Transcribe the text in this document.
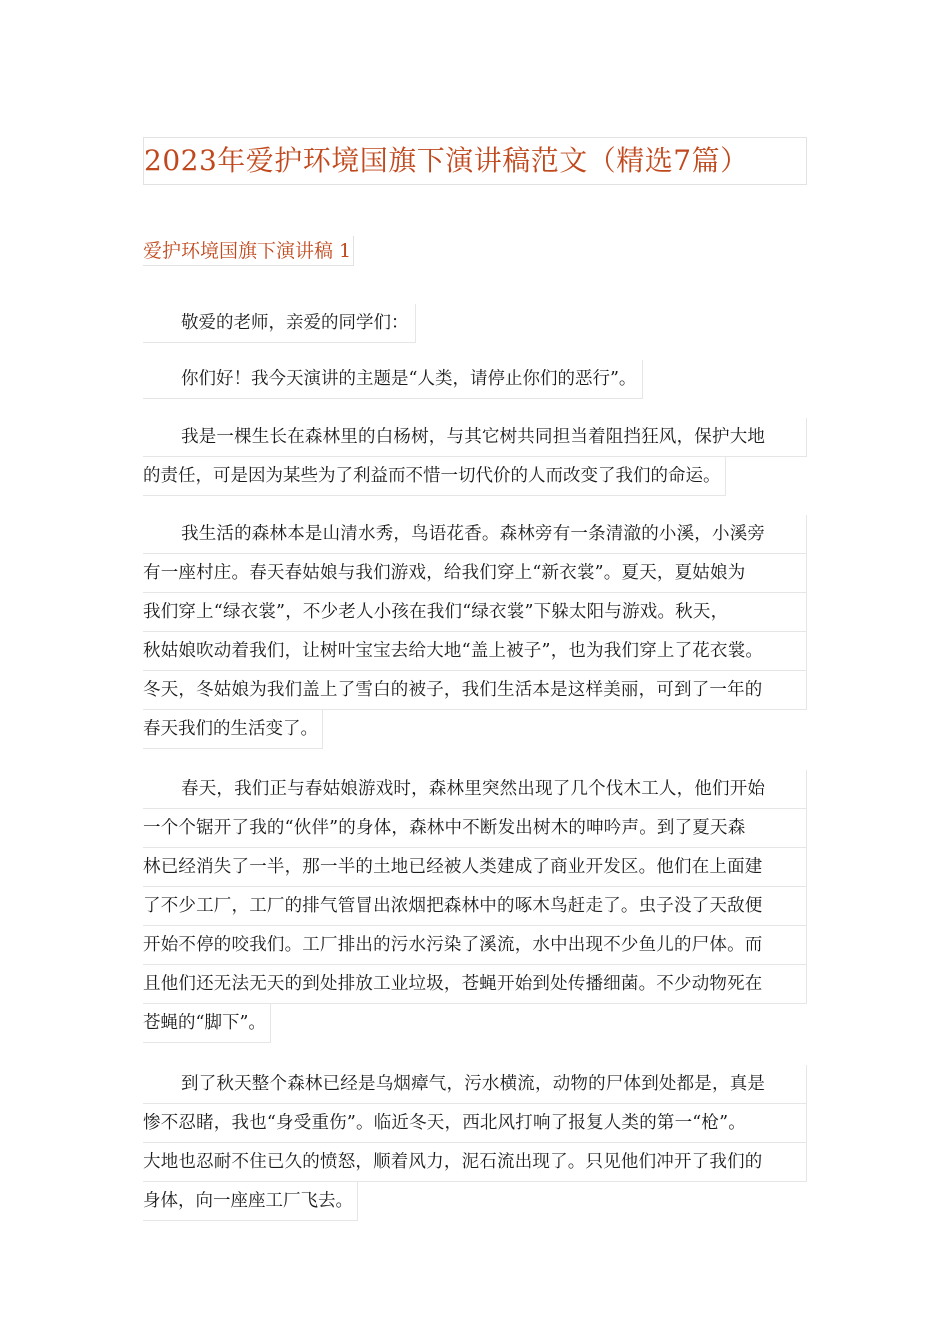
2023年爱护环境国旗下演讲稿范文（精选7篇）
爱护环境国旗下演讲稿 1
敬爱的老师，亲爱的同学们：
你们好！我今天演讲的主题是“人类，请停止你们的恶行”。
我是一棵生长在森林里的白杨树，与其它树共同担当着阻挡狂风，保护大地
的责任，可是因为某些为了利益而不惜一切代价的人而改变了我们的命运。
我生活的森林本是山清水秀，鸟语花香。森林旁有一条清澈的小溪，小溪旁
有一座村庄。春天春姑娘与我们游戏，给我们穿上“新衣裳”。夏天，夏姑娘为
我们穿上“绿衣裳”，不少老人小孩在我们“绿衣裳”下躲太阳与游戏。秋天，
秋姑娘吹动着我们，让树叶宝宝去给大地“盖上被子”，也为我们穿上了花衣裳。
冬天，冬姑娘为我们盖上了雪白的被子，我们生活本是这样美丽，可到了一年的
春天我们的生活变了。
春天，我们正与春姑娘游戏时，森林里突然出现了几个伐木工人，他们开始
一个个锯开了我的“伙伴”的身体，森林中不断发出树木的呻吟声。到了夏天森
林已经消失了一半，那一半的土地已经被人类建成了商业开发区。他们在上面建
了不少工厂，工厂的排气管冒出浓烟把森林中的啄木鸟赶走了。虫子没了天敌便
开始不停的咬我们。工厂排出的污水污染了溪流，水中出现不少鱼儿的尸体。而
且他们还无法无天的到处排放工业垃圾，苍蝇开始到处传播细菌。不少动物死在
苍蝇的“脚下”。
到了秋天整个森林已经是乌烟瘴气，污水横流，动物的尸体到处都是，真是
惨不忍睹，我也“身受重伤”。临近冬天，西北风打响了报复人类的第一“枪”。
大地也忍耐不住已久的愤怒，顺着风力，泥石流出现了。只见他们冲开了我们的
身体，向一座座工厂飞去。
